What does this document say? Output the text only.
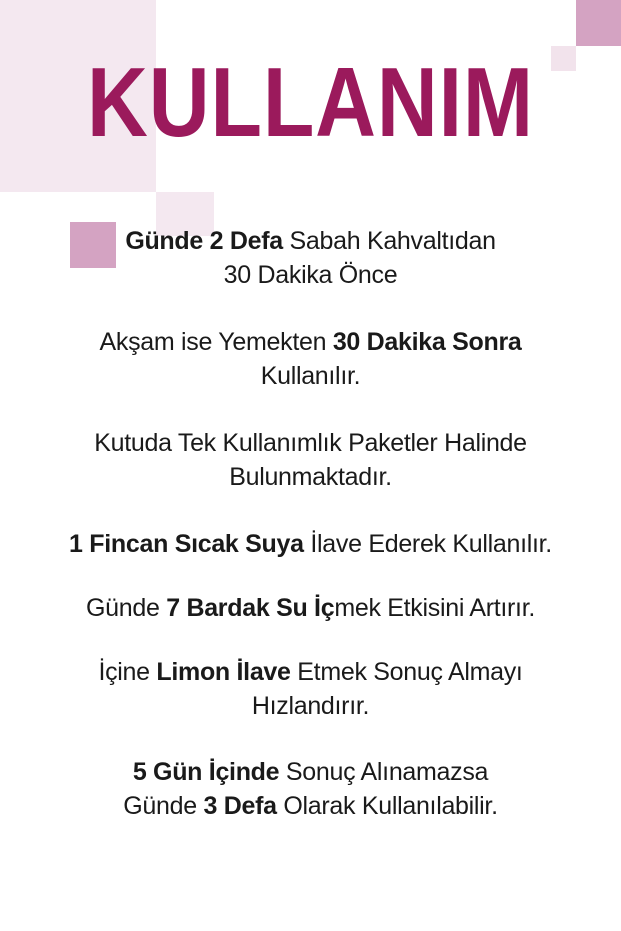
KULLANIM

Günde 2 Defa Sabah Kahvaltıdan
30 Dakika Önce

Akşam ise Yemekten 30 Dakika Sonra
Kullanılır.

Kutuda Tek Kullanımlık Paketler Halinde
Bulunmaktadır.

1 Fincan Sıcak Suya İlave Ederek Kullanılır.

Günde 7 Bardak Su İçmek Etkisini Artırır.

İçine Limon İlave Etmek Sonuç Almayı
Hızlandırır.

5 Gün İçinde Sonuç Alınamazsa
Günde 3 Defa Olarak Kullanılabilir.
